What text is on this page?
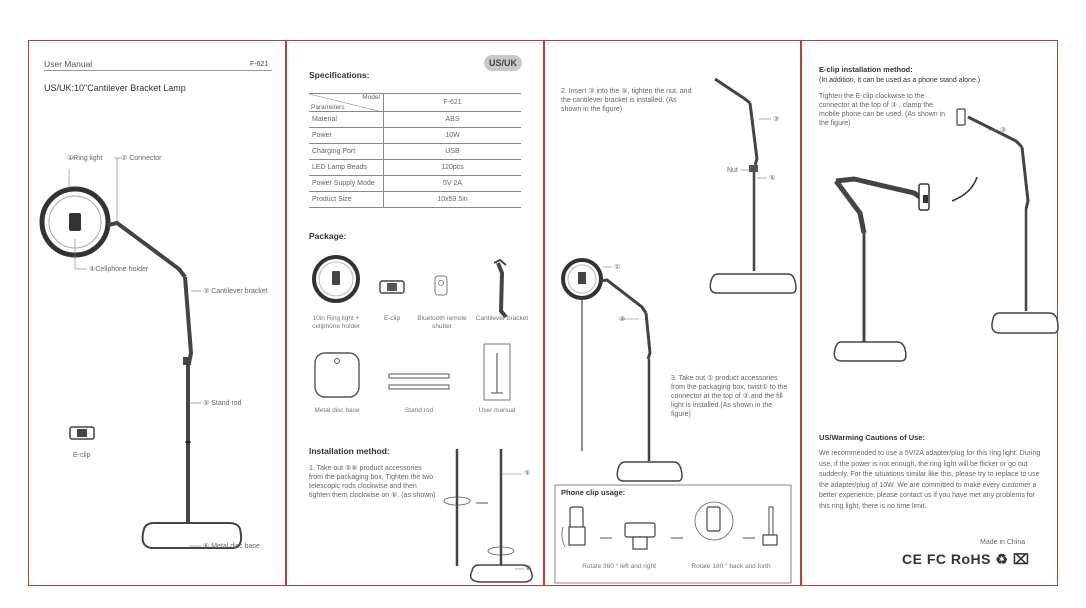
User Manual	F-621
US/UK:10"Cantilever Bracket Lamp
①Ring light	② Connector
④Cellphone holder
③ Cantilever bracket
⑤ Stand rod
⑥ Metal disc base
E-clip
US/UK
Specifications:
Model
Parameters	F-621
Material	ABS
Power	10W
Charging Port	USB
LED Lamp Beads	120pcs
Power Supply Mode	5V 2A
Product Size	10x59.5in
Package:
10in Ring light + cellphone holder
E-clip	Bluetooth remote shutter
Cantilever bracket
Metal disc base	Stand rod	User manual
Installation method:
1. Take out ⑤⑥ product accessories from the packaging box, Tighten the two telescopic rods clockwise and then tighten them clockwise on ⑥. (as shown)
⑤
⑥
2. Insert ③ into the ⑤, tighten the nut, and the cantilever bracket is installed. (As shown in the figure)
③
Nut
⑤
①
③
3. Take out ① product accessories from the packaging box, twist① to the connector at the top of ③,and the fill light is installed.(As shown in the figure)
Phone clip usage:
Rotate 360 ° left and right	Rotate 180 ° back and forth
E-clip installation method:
(In addition, it can be used as a phone stand alone.)
Tighten the E-clip clockwise to the connector at the top of ③ , clamp the mobile phone can be used. (As shown in the figure)
③
US/Warming Cautions of Use:
We recommended to use a 5V/2A adapter/plug for this ring light. During use, if the power is not enough, the ring light will be flicker or go out suddenly. For the situations similar like this, please try to replace to use the adapter/plug of 10W. We are committed to make every customer a better experience, please contact us if you have met any problems for this ring light, there is no time limit.
Made in China
CE FC RoHS ♻ ⌧
